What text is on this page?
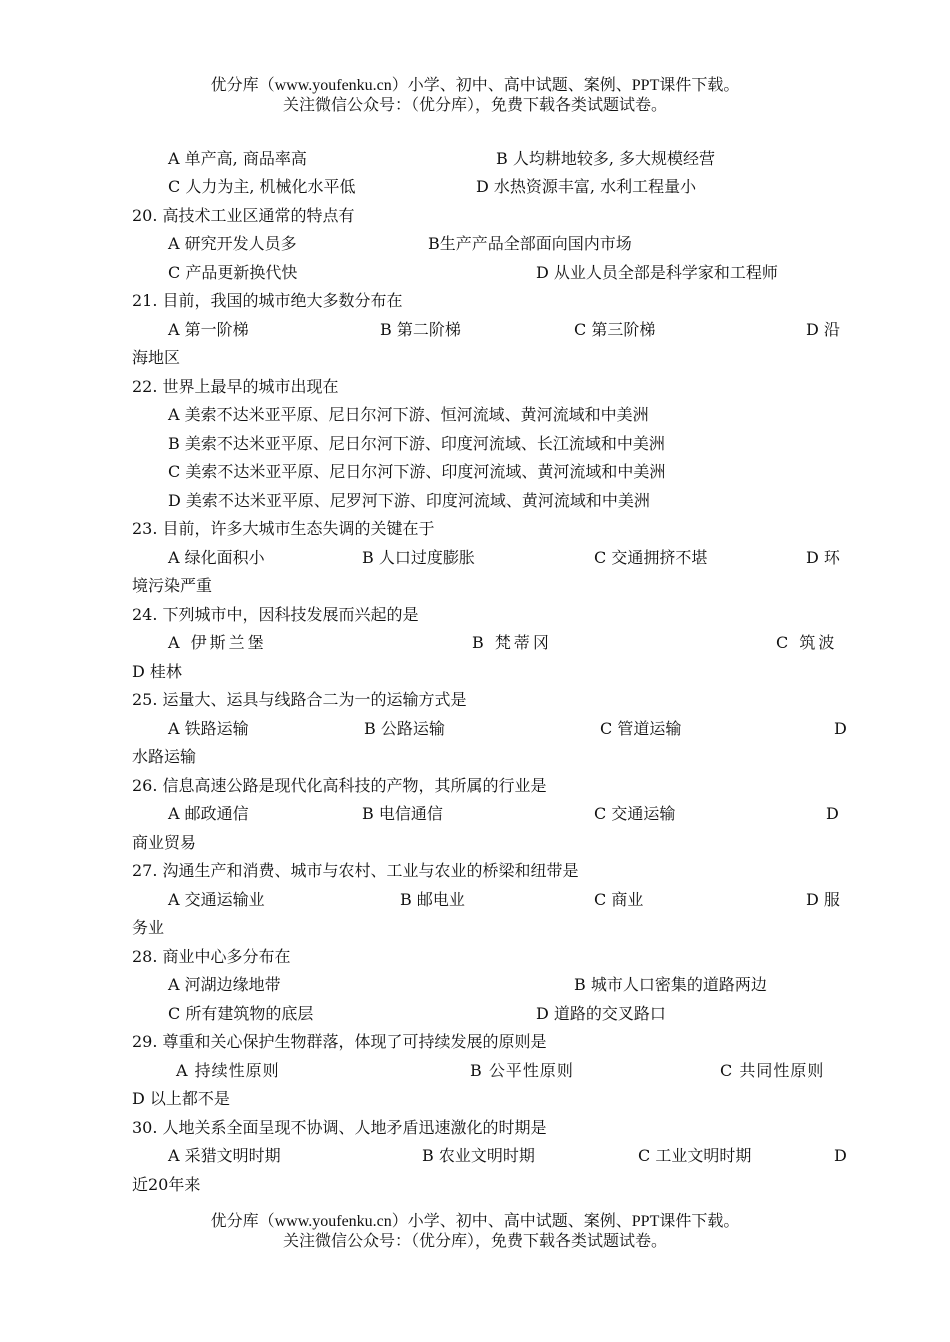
优分库（www.youfenku.cn）小学、初中、高中试题、案例、PPT课件下载。
关注微信公众号：（优分库），免费下载各类试题试卷。
A 单产高, 商品率高	B 人均耕地较多, 多大规模经营
C 人力为主, 机械化水平低	D 水热资源丰富, 水利工程量小
20. 高技术工业区通常的特点有
A 研究开发人员多	B生产产品全部面向国内市场
C 产品更新换代快	D 从业人员全部是科学家和工程师
21. 目前，我国的城市绝大多数分布在
A 第一阶梯	B 第二阶梯	C 第三阶梯	D 沿
海地区
22. 世界上最早的城市出现在
A 美索不达米亚平原、尼日尔河下游、恒河流域、黄河流域和中美洲
B 美索不达米亚平原、尼日尔河下游、印度河流域、长江流域和中美洲
C 美索不达米亚平原、尼日尔河下游、印度河流域、黄河流域和中美洲
D 美索不达米亚平原、尼罗河下游、印度河流域、黄河流域和中美洲
23. 目前，许多大城市生态失调的关键在于
A 绿化面积小	B 人口过度膨胀	C 交通拥挤不堪	D 环
境污染严重
24. 下列城市中，因科技发展而兴起的是
A 伊斯兰堡	B 梵蒂冈	C 筑波
D 桂林
25. 运量大、运具与线路合二为一的运输方式是
A 铁路运输	B 公路运输	C 管道运输	D
水路运输
26. 信息高速公路是现代化高科技的产物，其所属的行业是
A 邮政通信	B 电信通信	C 交通运输	D
商业贸易
27. 沟通生产和消费、城市与农村、工业与农业的桥梁和纽带是
A 交通运输业	B 邮电业	C 商业	D 服
务业
28. 商业中心多分布在
A 河湖边缘地带	B 城市人口密集的道路两边
C 所有建筑物的底层	D 道路的交叉路口
29. 尊重和关心保护生物群落，体现了可持续发展的原则是
A 持续性原则	B 公平性原则	C 共同性原则
D 以上都不是
30. 人地关系全面呈现不协调、人地矛盾迅速激化的时期是
A 采猎文明时期	B 农业文明时期	C 工业文明时期	D
近20年来
优分库（www.youfenku.cn）小学、初中、高中试题、案例、PPT课件下载。
关注微信公众号：（优分库），免费下载各类试题试卷。
